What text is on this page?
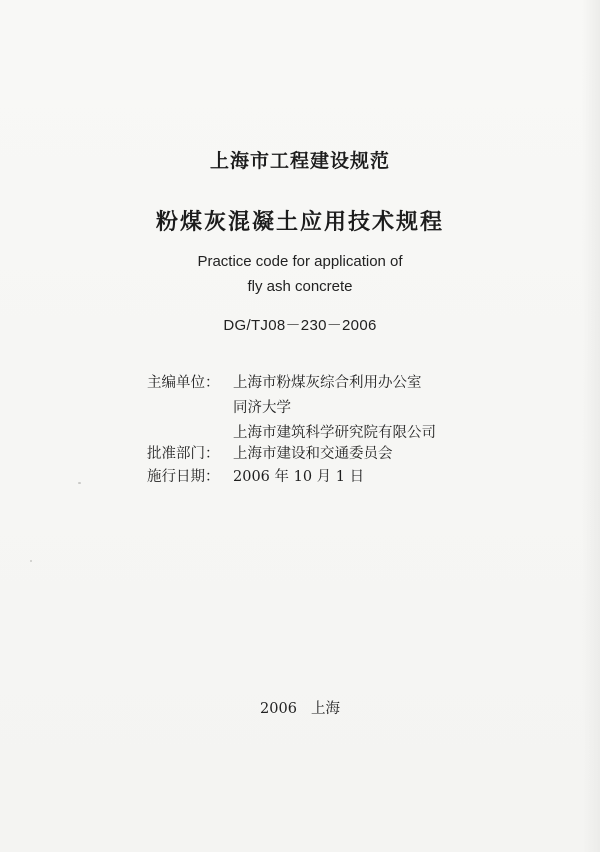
上海市工程建设规范
粉煤灰混凝土应用技术规程
Practice code for application of
fly ash concrete
DG/TJ08－230－2006
主编单位： 上海市粉煤灰综合利用办公室
同济大学
上海市建筑科学研究院有限公司
批准部门： 上海市建设和交通委员会
施行日期： 2006 年 10 月 1 日
2006 上海
